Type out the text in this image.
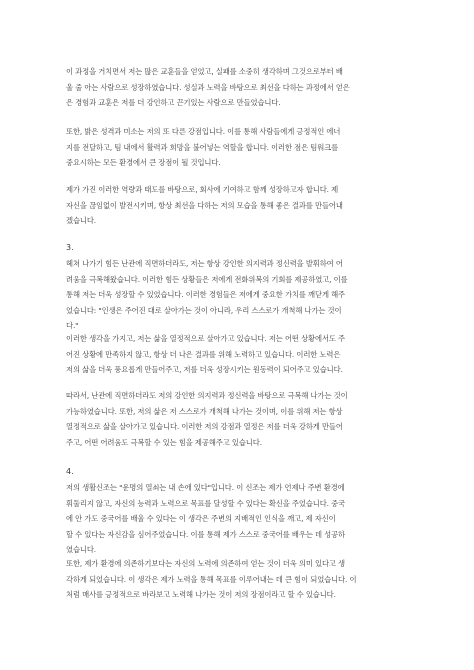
이 과정을 거치면서 저는 많은 교훈들을 얻었고, 실패를 소중히 생각하며 그것으로부터 배
울 줄 아는 사람으로 성장하였습니다. 성실과 노력을 바탕으로 최선을 다하는 과정에서 얻은
은 경험과 교훈은 저를 더 강인하고 끈기있는 사람으로 만들었습니다.
또한, 밝은 성격과 미소는 저의 또 다른 강점입니다. 이를 통해 사람들에게 긍정적인 에너
지를 전달하고, 팀 내에서 활력과 희망을 불어넣는 역할을 합니다. 이러한 점은 팀워크를
중요시하는 모든 환경에서 큰 장점이 될 것입니다.
제가 가진 이러한 역량과 태도를 바탕으로, 회사에 기여하고 함께 성장하고자 합니다. 제
자신을 끊임없이 발전시키며, 항상 최선을 다하는 저의 모습을 통해 좋은 결과를 만들어내
겠습니다.
3.
헤쳐 나가기 힘든 난관에 직면하더라도, 저는 항상 강인한 의지력과 정신력을 발휘하여 어
려움을 극복해왔습니다. 이러한 힘든 상황들은 저에게 전화위복의 기회를 제공하였고, 이를
통해 저는 더욱 성장할 수 있었습니다. 이러한 경험들은 저에게 중요한 가치를 깨닫게 해주
었습니다: "인생은 주어진 대로 살아가는 것이 아니라, 우리 스스로가 개척해 나가는 것이
다."
이러한 생각을 가지고, 저는 삶을 열정적으로 살아가고 있습니다. 저는 어떤 상황에서도 주
어진 상황에 만족하지 않고, 항상 더 나은 결과를 위해 노력하고 있습니다. 이러한 노력은
저의 삶을 더욱 풍요롭게 만들어주고, 저를 더욱 성장시키는 원동력이 되어주고 있습니다.
따라서, 난관에 직면하더라도 저의 강인한 의지력과 정신력을 바탕으로 극복해 나가는 것이
가능하였습니다. 또한, 저의 삶은 저 스스로가 개척해 나가는 것이며, 이를 위해 저는 항상
열정적으로 삶을 살아가고 있습니다. 이러한 저의 강점과 열정은 저를 더욱 강하게 만들어
주고, 어떤 어려움도 극복할 수 있는 힘을 제공해주고 있습니다.
4.
저의 생활신조는 "운명의 열쇠는 내 손에 있다"입니다. 이 신조는 제가 언제나 주변 환경에
휘둘리지 않고, 자신의 능력과 노력으로 목표를 달성할 수 있다는 확신을 주었습니다. 중국
에 안 가도 중국어를 배울 수 있다는 이 생각은 주변의 지배적인 인식을 깨고, 제 자신이
할 수 있다는 자신감을 심어주었습니다. 이를 통해 제가 스스로 중국어를 배우는 데 성공하
였습니다.
또한, 제가 환경에 의존하기보다는 자신의 노력에 의존하여 얻는 것이 더욱 의미 있다고 생
각하게 되었습니다. 이 생각은 제가 노력을 통해 목표를 이루어내는 데 큰 힘이 되었습니다. 이
처럼 매사를 긍정적으로 바라보고 노력해 나가는 것이 저의 장점이라고 할 수 있습니다.
